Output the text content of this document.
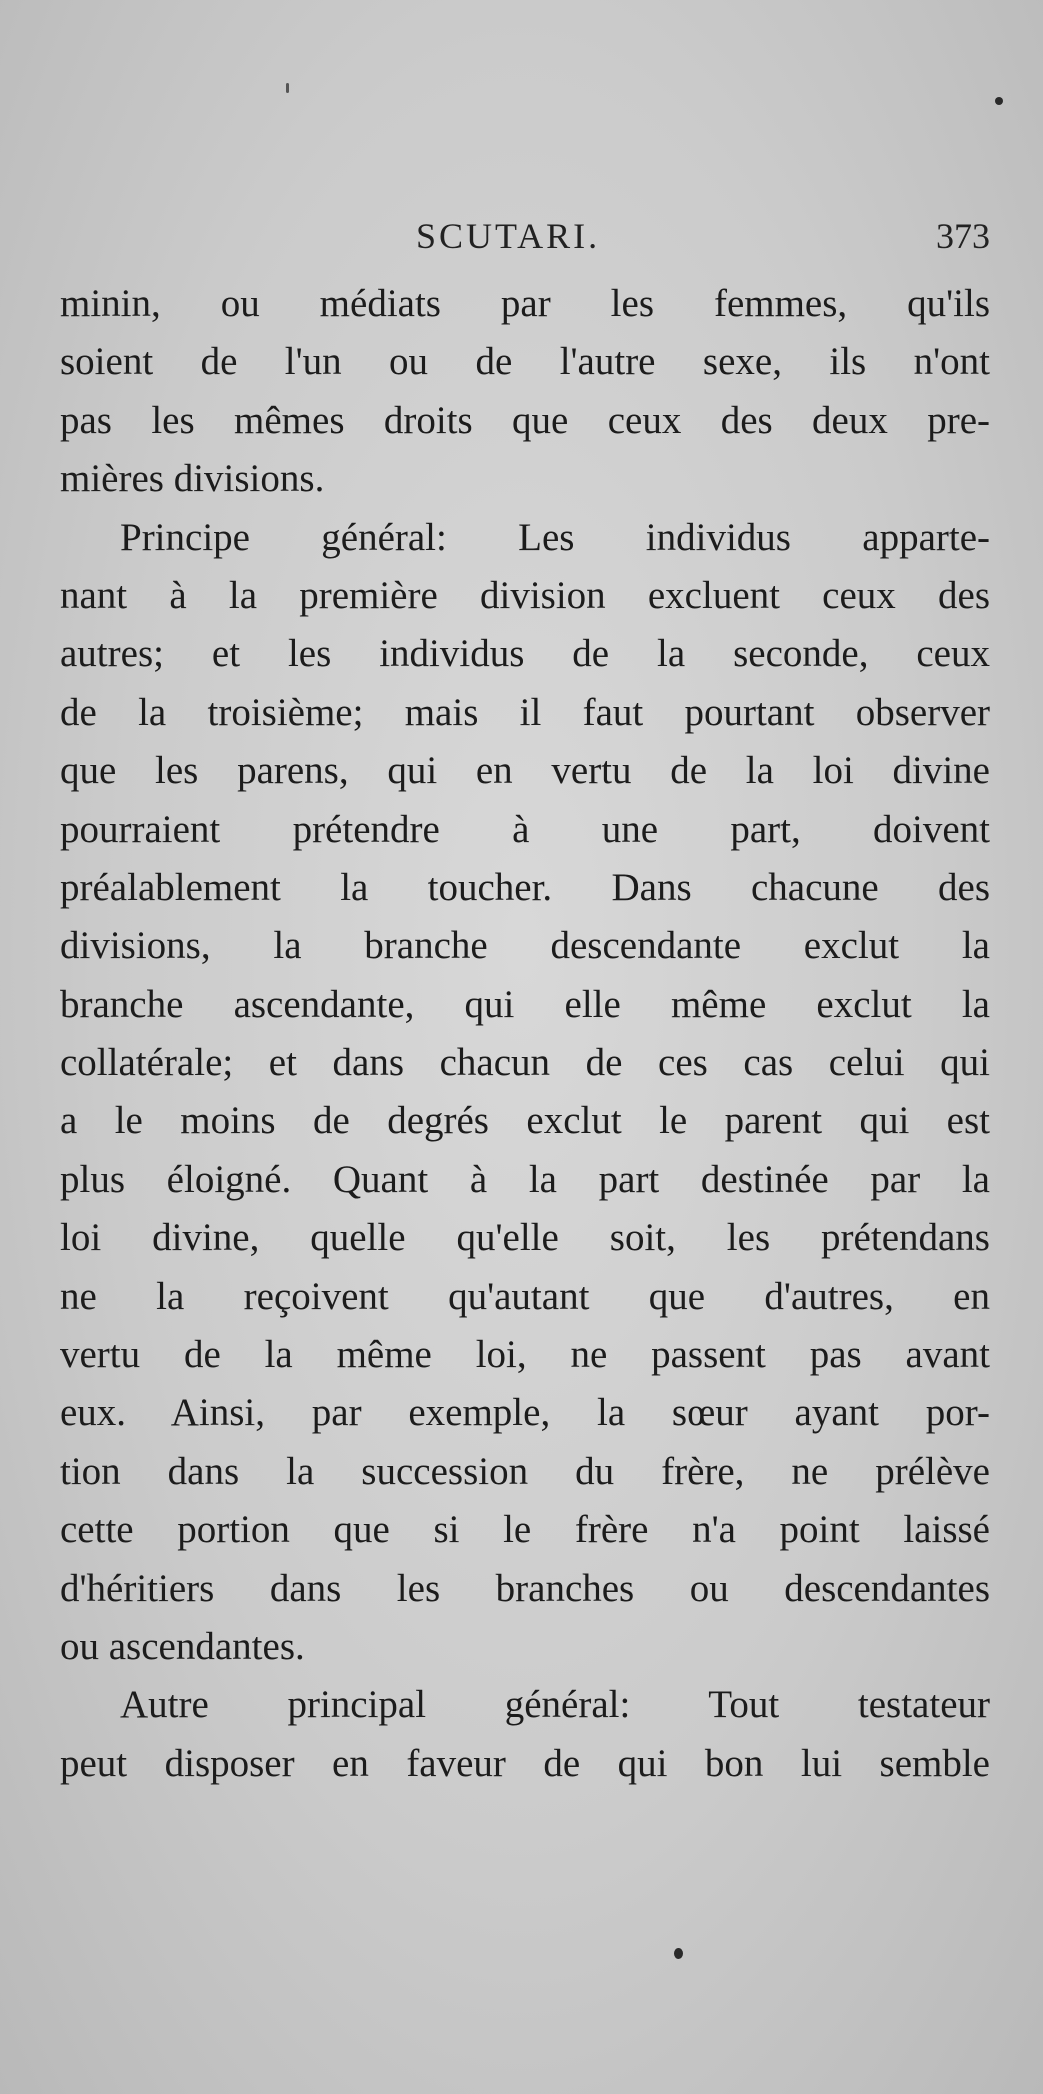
SCUTARI.	373
minin, ou médiats par les femmes, qu'ils
soient de l'un ou de l'autre sexe, ils n'ont
pas les mêmes droits que ceux des deux pre-
mières divisions.
Principe général: Les individus apparte-
nant à la première division excluent ceux des
autres; et les individus de la seconde, ceux
de la troisième; mais il faut pourtant observer
que les parens, qui en vertu de la loi divine
pourraient prétendre à une part, doivent
préalablement la toucher. Dans chacune des
divisions, la branche descendante exclut la
branche ascendante, qui elle même exclut la
collatérale; et dans chacun de ces cas celui qui
a le moins de degrés exclut le parent qui est
plus éloigné. Quant à la part destinée par la
loi divine, quelle qu'elle soit, les prétendans
ne la reçoivent qu'autant que d'autres, en
vertu de la même loi, ne passent pas avant
eux. Ainsi, par exemple, la sœur ayant por-
tion dans la succession du frère, ne prélève
cette portion que si le frère n'a point laissé
d'héritiers dans les branches ou descendantes
ou ascendantes.
Autre principal général: Tout testateur
peut disposer en faveur de qui bon lui semble
